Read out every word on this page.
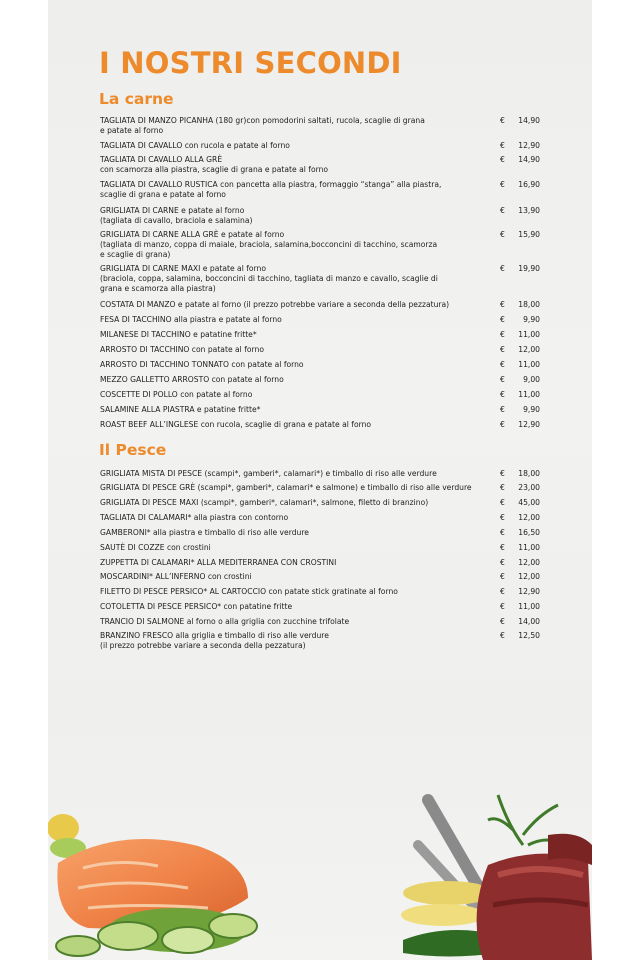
I NOSTRI SECONDI
La carne
Il Pesce
TAGLIATA DI MANZO PICANHA (180 gr)con pomodorini saltati, rucola, scaglie di grana
e patate al forno
€	14,90
TAGLIATA DI CAVALLO con rucola e patate al forno	€	12,90
TAGLIATA DI CAVALLO ALLA GRÈ
con scamorza alla piastra, scaglie di grana e patate al forno
€	14,90
TAGLIATA DI CAVALLO RUSTICA con pancetta alla piastra, formaggio “stanga” alla piastra,
scaglie di grana e patate al forno
€	16,90
GRIGLIATA DI CARNE e patate al forno
(tagliata di cavallo, braciola e salamina)
€	13,90
GRIGLIATA DI CARNE ALLA GRÈ e patate al forno
(tagliata di manzo, coppa di maiale, braciola, salamina,bocconcini di tacchino, scamorza
e scaglie di grana)
€	15,90
GRIGLIATA DI CARNE MAXI e patate al forno
(braciola, coppa, salamina, bocconcini di tacchino, tagliata di manzo e cavallo, scaglie di
grana e scamorza alla piastra)
€	19,90
COSTATA DI MANZO e patate al forno (il prezzo potrebbe variare a seconda della pezzatura)	€	18,00
FESA DI TACCHINO alla piastra e patate al forno	€	9,90
MILANESE DI TACCHINO e patatine fritte*	€	11,00
ARROSTO DI TACCHINO con patate al forno	€	12,00
ARROSTO DI TACCHINO TONNATO con patate al forno	€	11,00
MEZZO GALLETTO ARROSTO con patate al forno	€	9,00
COSCETTE DI POLLO con patate al forno	€	11,00
SALAMINE ALLA PIASTRA e patatine fritte*	€	9,90
ROAST BEEF ALL’INGLESE con rucola, scaglie di grana e patate al forno	€	12,90
GRIGLIATA MISTA DI PESCE (scampi*, gamberi*, calamari*) e timballo di riso alle verdure	€	18,00
GRIGLIATA DI PESCE GRÈ (scampi*, gamberi*, calamari* e salmone) e timballo di riso alle verdure	€	23,00
GRIGLIATA DI PESCE MAXI (scampi*, gamberi*, calamari*, salmone, filetto di branzino)	€	45,00
TAGLIATA DI CALAMARI* alla piastra con contorno	€	12,00
GAMBERONI* alla piastra e timballo di riso alle verdure	€	16,50
SAUTÈ DI COZZE con crostini	€	11,00
ZUPPETTA DI CALAMARI* ALLA MEDITERRANEA CON CROSTINI	€	12,00
MOSCARDINI* ALL’INFERNO con crostini	€	12,00
FILETTO DI PESCE PERSICO* AL CARTOCCIO con patate stick gratinate al forno	€	12,90
COTOLETTA DI PESCE PERSICO* con patatine fritte	€	11,00
TRANCIO DI SALMONE al forno o alla griglia con zucchine trifolate	€	14,00
BRANZINO FRESCO alla griglia e timballo di riso alle verdure
(il prezzo potrebbe variare a seconda della pezzatura)
€	12,50
